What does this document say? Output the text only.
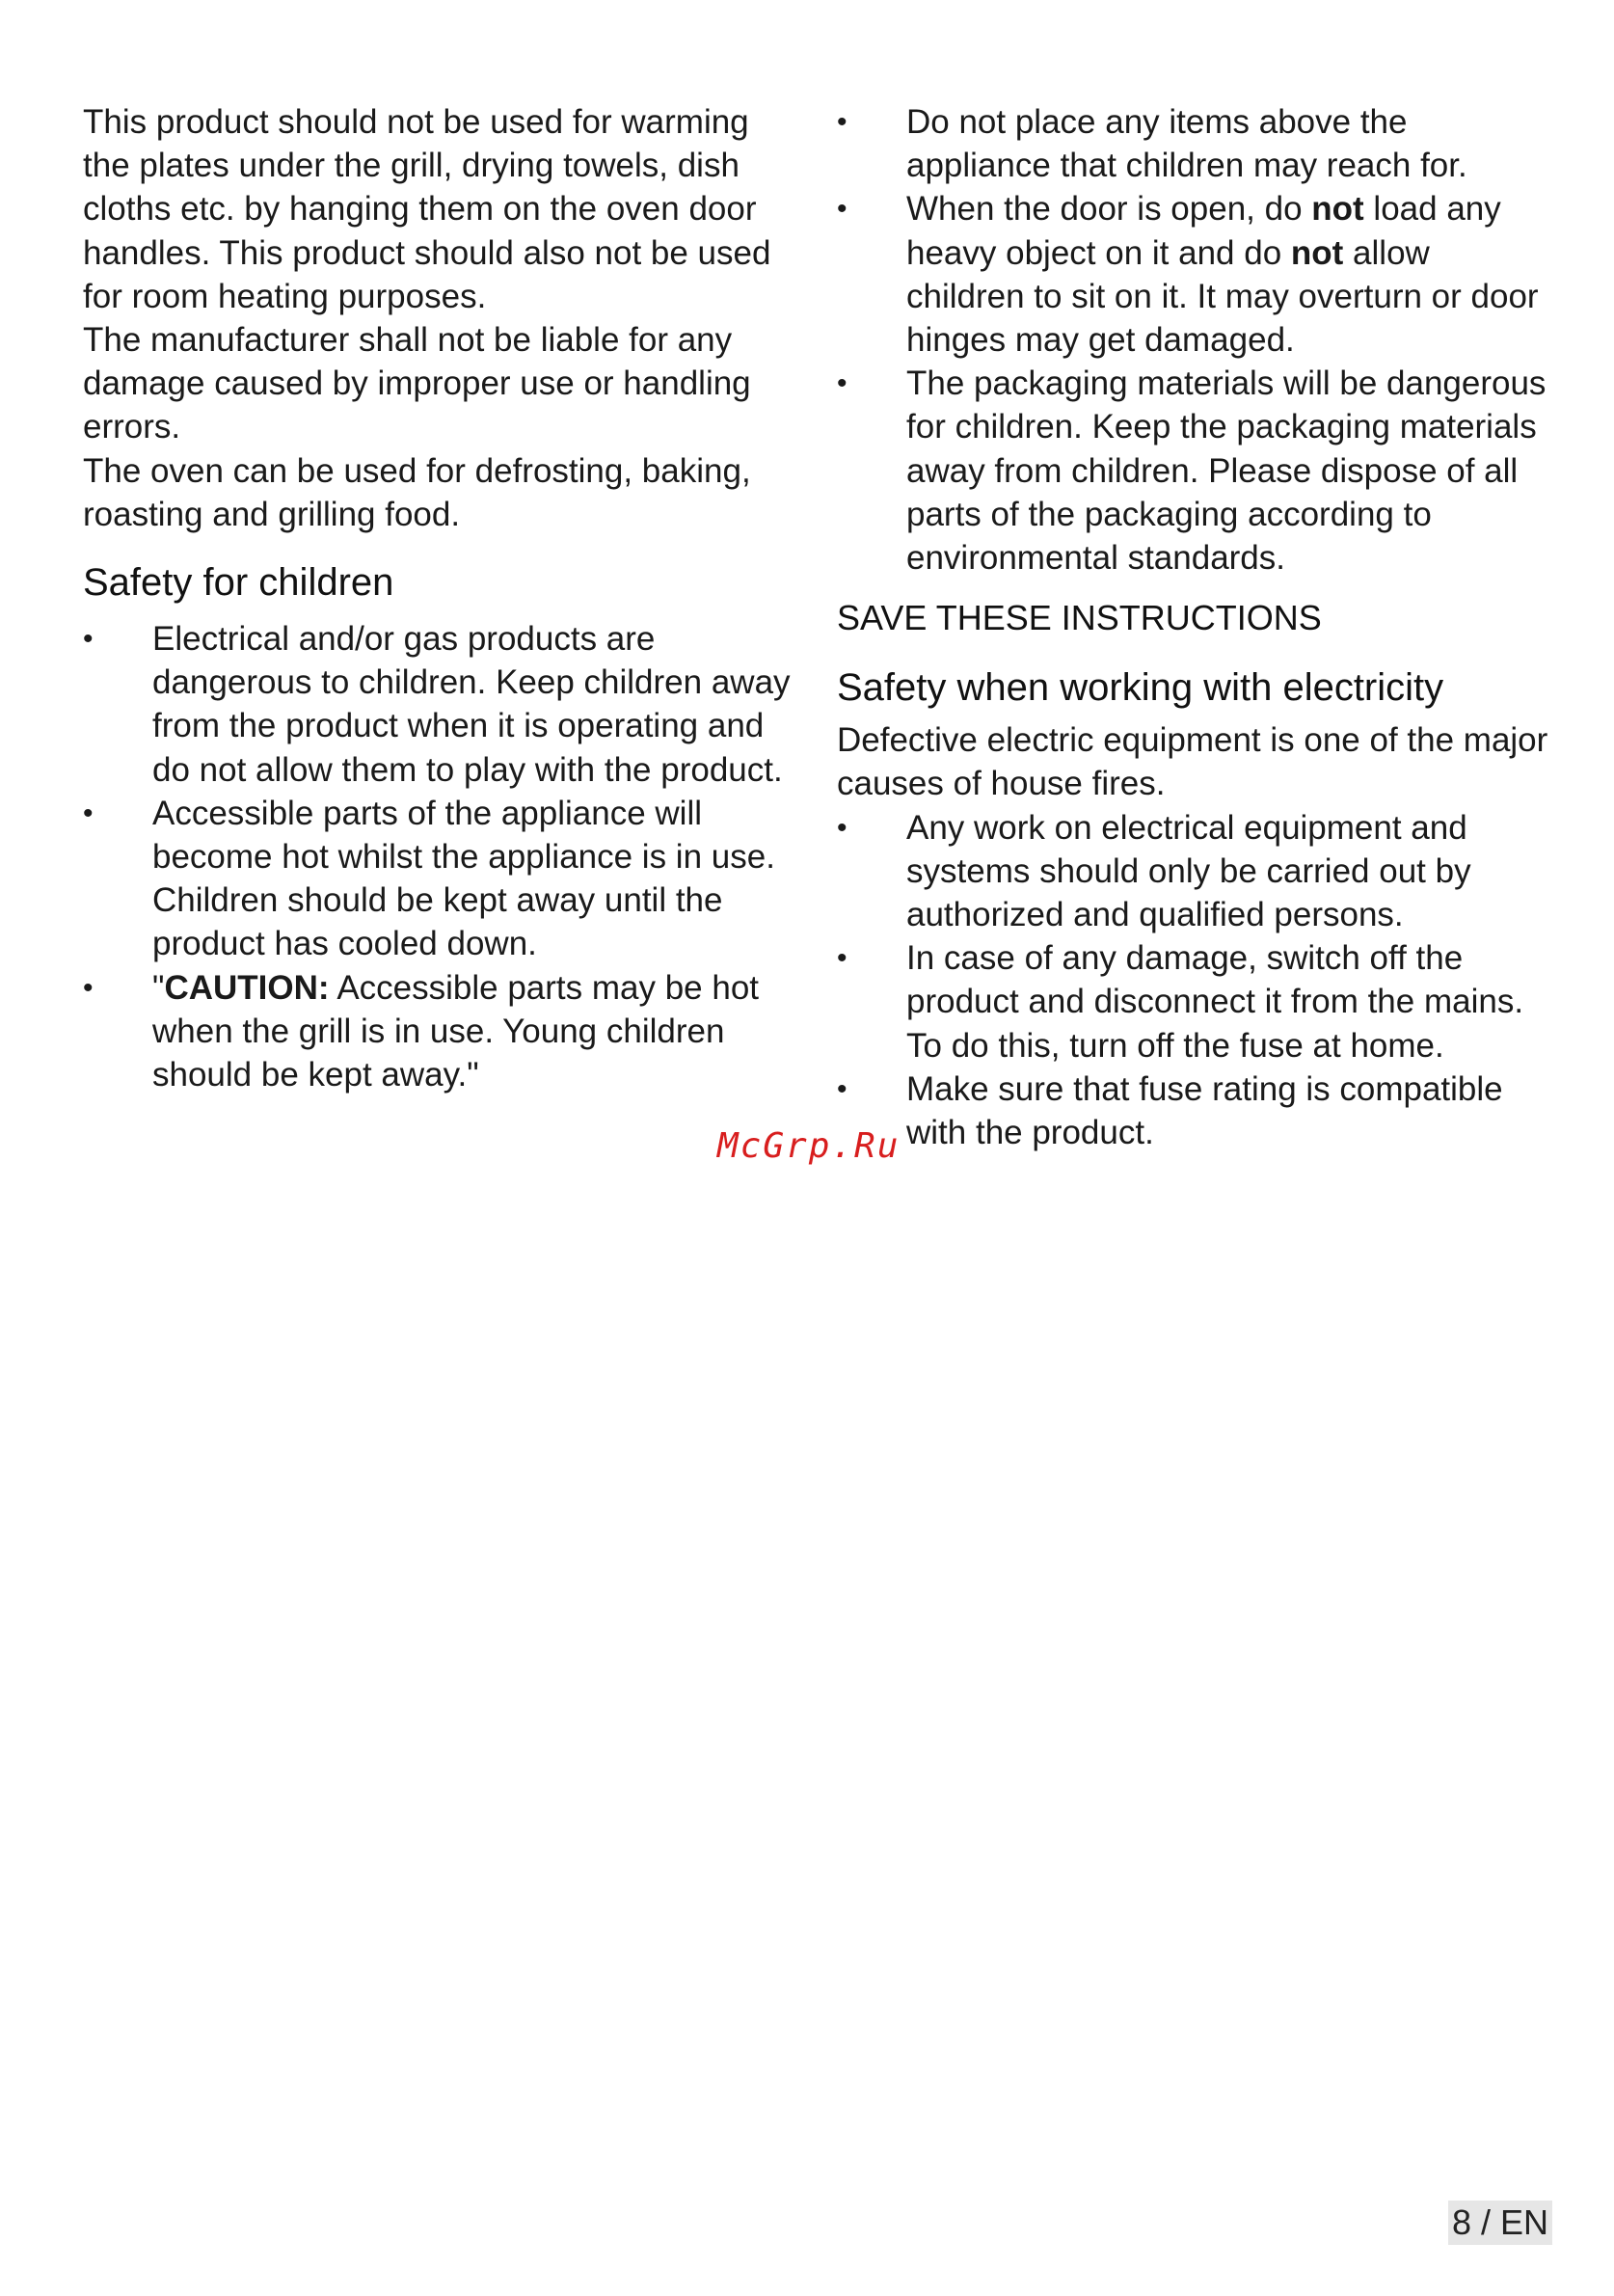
This product should not be used for warming the plates under the grill, drying towels, dish cloths etc. by hanging them on the oven door handles. This product should also not be used for room heating purposes.

The manufacturer shall not be liable for any damage caused by improper use or handling errors.

The oven can be used for defrosting, baking, roasting and grilling food.

Safety for children
• Electrical and/or gas products are dangerous to children. Keep children away from the product when it is operating and do not allow them to play with the product.
• Accessible parts of the appliance will become hot whilst the appliance is in use. Children should be kept away until the product has cooled down.
• "CAUTION: Accessible parts may be hot when the grill is in use. Young children should be kept away."
• Do not place any items above the appliance that children may reach for.
• When the door is open, do not load any heavy object on it and do not allow children to sit on it. It may overturn or door hinges may get damaged.
• The packaging materials will be dangerous for children. Keep the packaging materials away from children. Please dispose of all parts of the packaging according to environmental standards.

SAVE THESE INSTRUCTIONS

Safety when working with electricity

Defective electric equipment is one of the major causes of house fires.

• Any work on electrical equipment and systems should only be carried out by authorized and qualified persons.
• In case of any damage, switch off the product and disconnect it from the mains. To do this, turn off the fuse at home.
• Make sure that fuse rating is compatible with the product.
McGrp.Ru
8 / EN
